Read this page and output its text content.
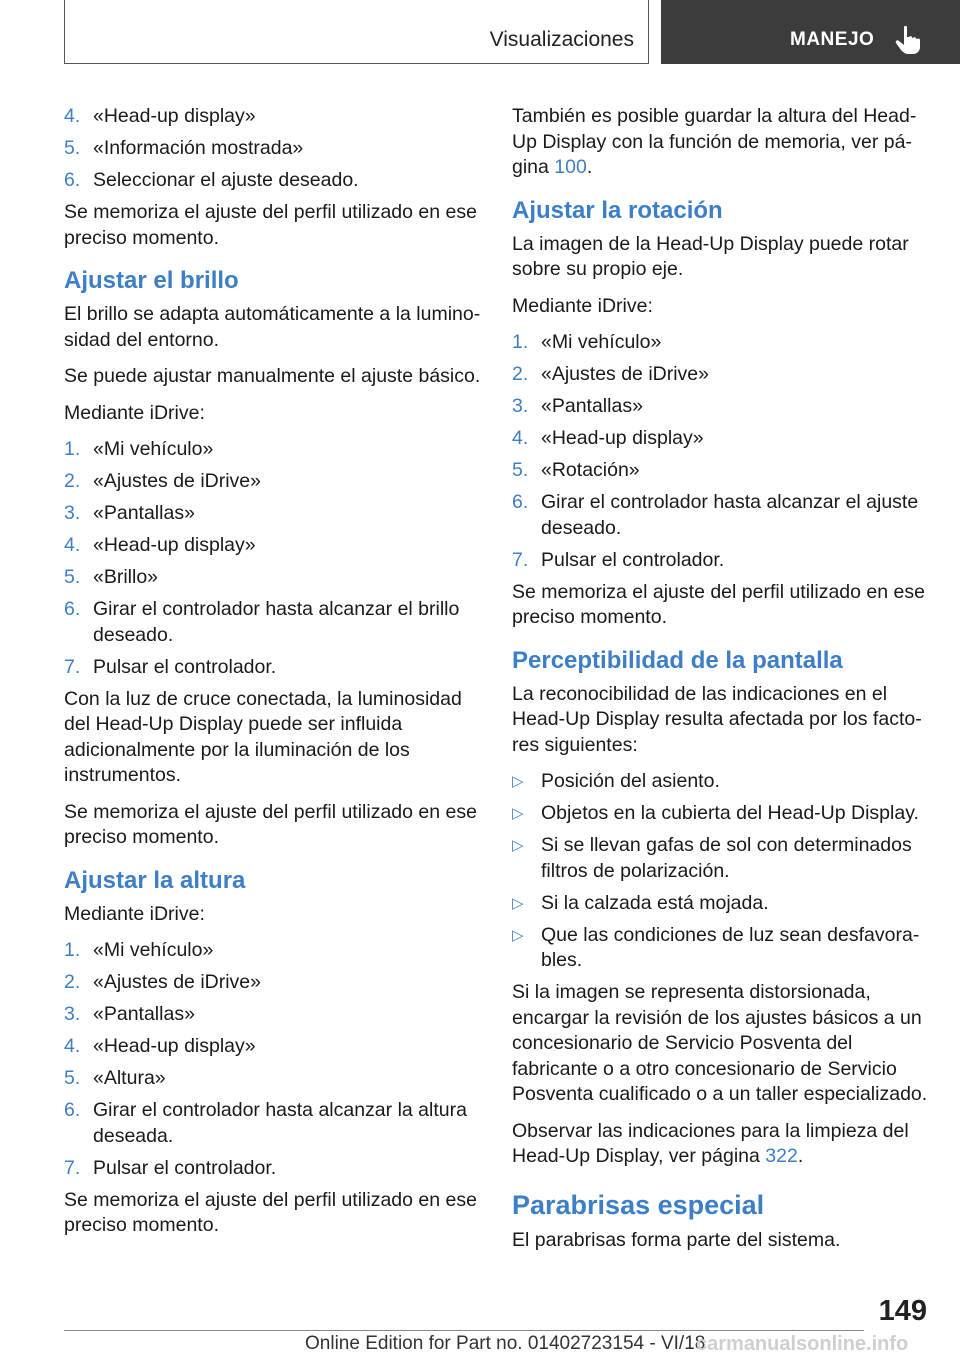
Visualizaciones	MANEJO
4. «Head-up display»
5. «Información mostrada»
6. Seleccionar el ajuste deseado.

Se memoriza el ajuste del perfil utilizado en ese preciso momento.

Ajustar el brillo

El brillo se adapta automáticamente a la luminosidad del entorno.

Se puede ajustar manualmente el ajuste básico.

Mediante iDrive:

1. «Mi vehículo»
2. «Ajustes de iDrive»
3. «Pantallas»
4. «Head-up display»
5. «Brillo»
6. Girar el controlador hasta alcanzar el brillo deseado.
7. Pulsar el controlador.

Con la luz de cruce conectada, la luminosidad del Head-Up Display puede ser influida adicionalmente por la iluminación de los instrumentos.

Se memoriza el ajuste del perfil utilizado en ese preciso momento.

Ajustar la altura

Mediante iDrive:

1. «Mi vehículo»
2. «Ajustes de iDrive»
3. «Pantallas»
4. «Head-up display»
5. «Altura»
6. Girar el controlador hasta alcanzar la altura deseada.
7. Pulsar el controlador.

Se memoriza el ajuste del perfil utilizado en ese preciso momento.

También es posible guardar la altura del Head-Up Display con la función de memoria, ver página 100.

Ajustar la rotación

La imagen de la Head-Up Display puede rotar sobre su propio eje.

Mediante iDrive:

1. «Mi vehículo»
2. «Ajustes de iDrive»
3. «Pantallas»
4. «Head-up display»
5. «Rotación»
6. Girar el controlador hasta alcanzar el ajuste deseado.
7. Pulsar el controlador.

Se memoriza el ajuste del perfil utilizado en ese preciso momento.

Perceptibilidad de la pantalla

La reconocibilidad de las indicaciones en el Head-Up Display resulta afectada por los factores siguientes:

▷ Posición del asiento.
▷ Objetos en la cubierta del Head-Up Display.
▷ Si se llevan gafas de sol con determinados filtros de polarización.
▷ Si la calzada está mojada.
▷ Que las condiciones de luz sean desfavorables.

Si la imagen se representa distorsionada, encargar la revisión de los ajustes básicos a un concesionario de Servicio Posventa del fabricante o a otro concesionario de Servicio Posventa cualificado o a un taller especializado.

Observar las indicaciones para la limpieza del Head-Up Display, ver página 322.

Parabrisas especial

El parabrisas forma parte del sistema.

149
Online Edition for Part no. 01402723154 - VI/18
carmanualsonline.info
